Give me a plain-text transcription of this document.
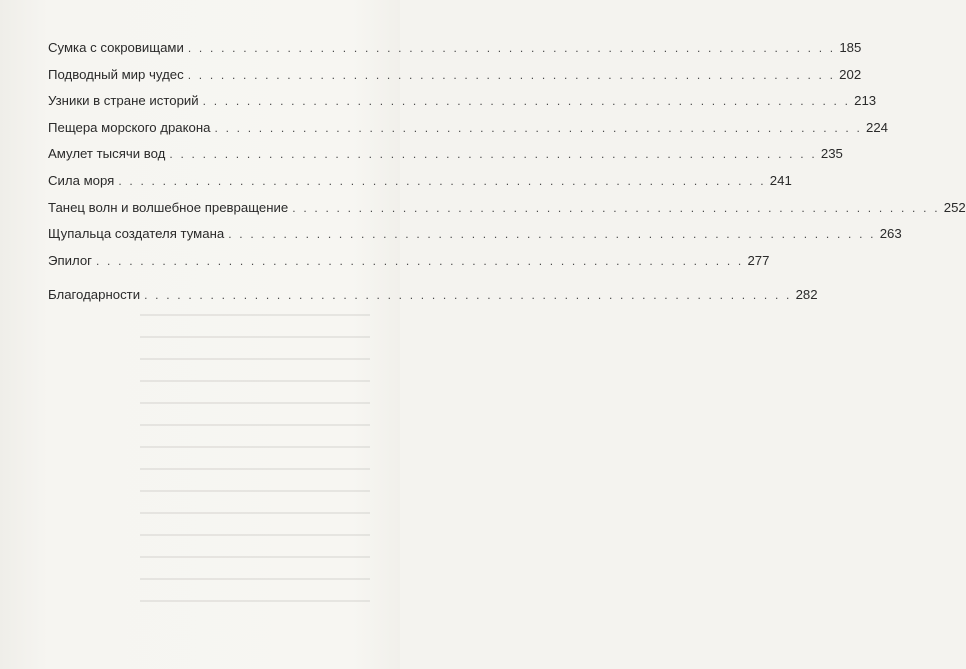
Сумка с сокровищами . . . . . . . . . . . . . . . . . . . . . . . . . . . . . . . . . . . . . . . . . . . . . . . . . . . . . . . . . . . 185
Подводный мир чудес . . . . . . . . . . . . . . . . . . . . . . . . . . . . . . . . . . . . . . . . . . . . . . . . . . . . . . . . . . . 202
Узники в стране историй . . . . . . . . . . . . . . . . . . . . . . . . . . . . . . . . . . . . . . . . . . . . . . . . . . . . . . . . . . . 213
Пещера морского дракона . . . . . . . . . . . . . . . . . . . . . . . . . . . . . . . . . . . . . . . . . . . . . . . . . . . . . . . . . . . 224
Амулет тысячи вод . . . . . . . . . . . . . . . . . . . . . . . . . . . . . . . . . . . . . . . . . . . . . . . . . . . . . . . . . . . 235
Сила моря . . . . . . . . . . . . . . . . . . . . . . . . . . . . . . . . . . . . . . . . . . . . . . . . . . . . . . . . . . . 241
Танец волн и волшебное превращение . . . . . . . . . . . . . . . . . . . . . . . . . . . . . . . . . . . . . . . . . . . . . . . . . . . . . . . . . . . 252
Щупальца создателя тумана . . . . . . . . . . . . . . . . . . . . . . . . . . . . . . . . . . . . . . . . . . . . . . . . . . . . . . . . . . . 263
Эпилог . . . . . . . . . . . . . . . . . . . . . . . . . . . . . . . . . . . . . . . . . . . . . . . . . . . . . . . . . . . 277
Благодарности . . . . . . . . . . . . . . . . . . . . . . . . . . . . . . . . . . . . . . . . . . . . . . . . . . . . . . . . . . . 282
